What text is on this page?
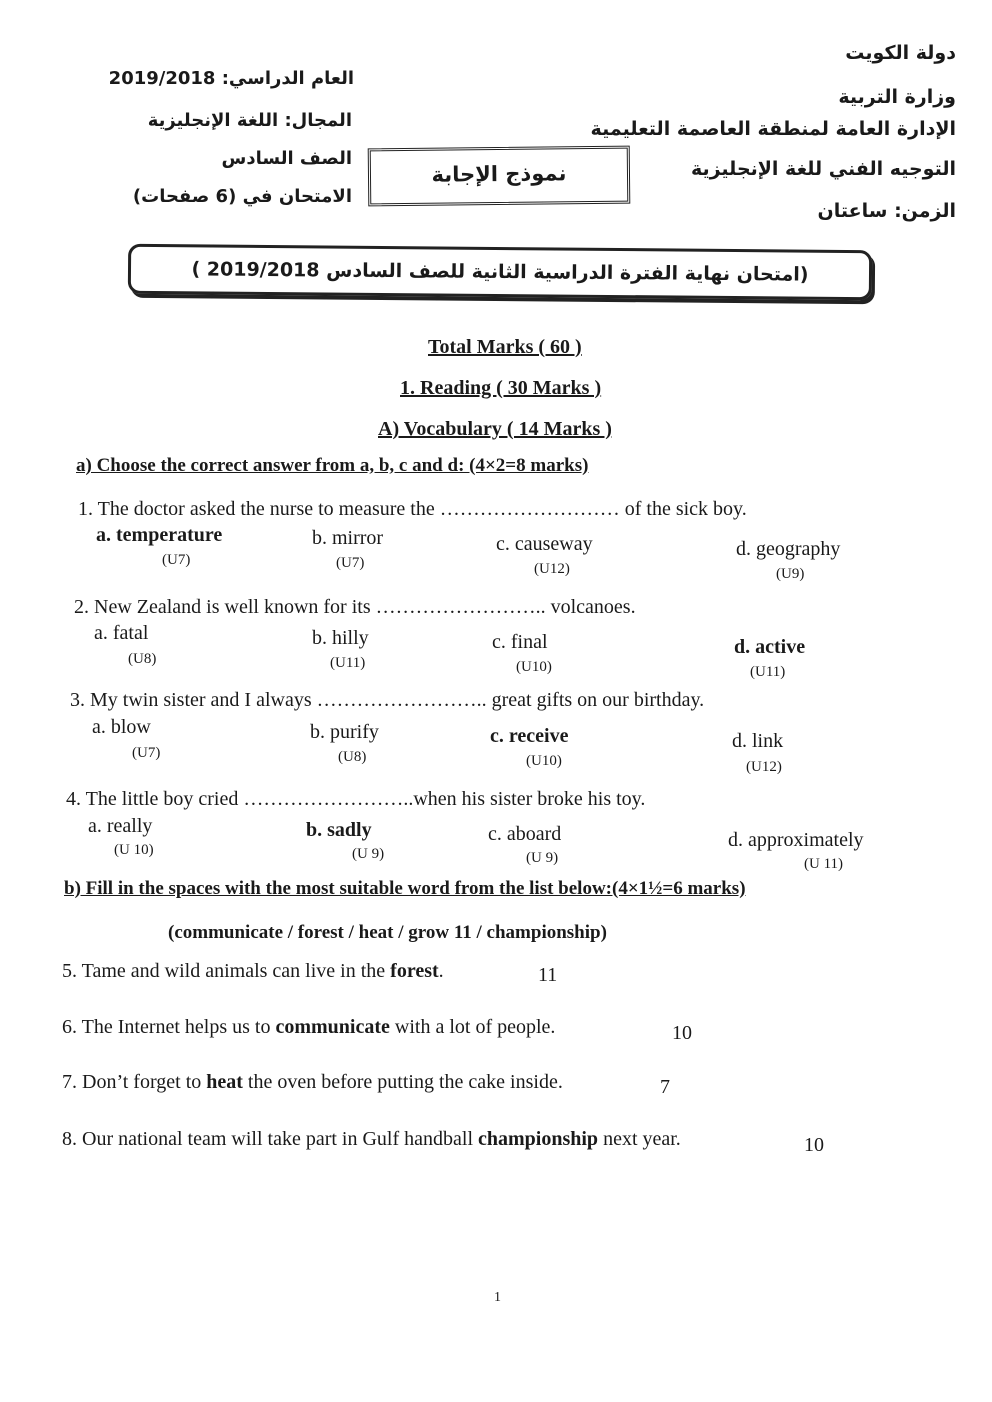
دولة الكويت
وزارة التربية
الإدارة العامة لمنطقة العاصمة التعليمية
التوجيه الفني للغة الإنجليزية
الزمن: ساعتان
العام الدراسي: 2019/2018
المجال: اللغة الإنجليزية
الصف السادس
الامتحان في (6 صفحات)
نموذج الإجابة
(امتحان نهاية الفترة الدراسية الثانية للصف السادس 2019/2018 )
Total Marks ( 60 )
1. Reading ( 30 Marks )
A) Vocabulary ( 14 Marks )
a) Choose the correct answer from a, b, c and d: (4×2=8 marks)
1. The doctor asked the nurse to measure the ……………………… of the sick boy.
a. temperature
(U7)
b. mirror
(U7)
c. causeway
(U12)
d. geography
(U9)
2. New Zealand is well known for its …………………….. volcanoes.
a. fatal
(U8)
b. hilly
(U11)
c. final
(U10)
d. active
(U11)
3. My twin sister and I always …………………….. great gifts on our birthday.
a. blow
(U7)
b. purify
(U8)
c. receive
(U10)
d. link
(U12)
4. The little boy cried ……………………..when his sister broke his toy.
a. really
(U 10)
b. sadly
(U 9)
c. aboard
(U 9)
d. approximately
(U 11)
b) Fill in the spaces with the most suitable word from the list below:(4×1½=6 marks)
(communicate / forest / heat / grow 11 / championship)
5. Tame and wild animals can live in the forest.	11
6. The Internet helps us to communicate with a lot of people.	10
7. Don’t forget to heat the oven before putting the cake inside.	7
8. Our national team will take part in Gulf handball championship next year.	10
1
